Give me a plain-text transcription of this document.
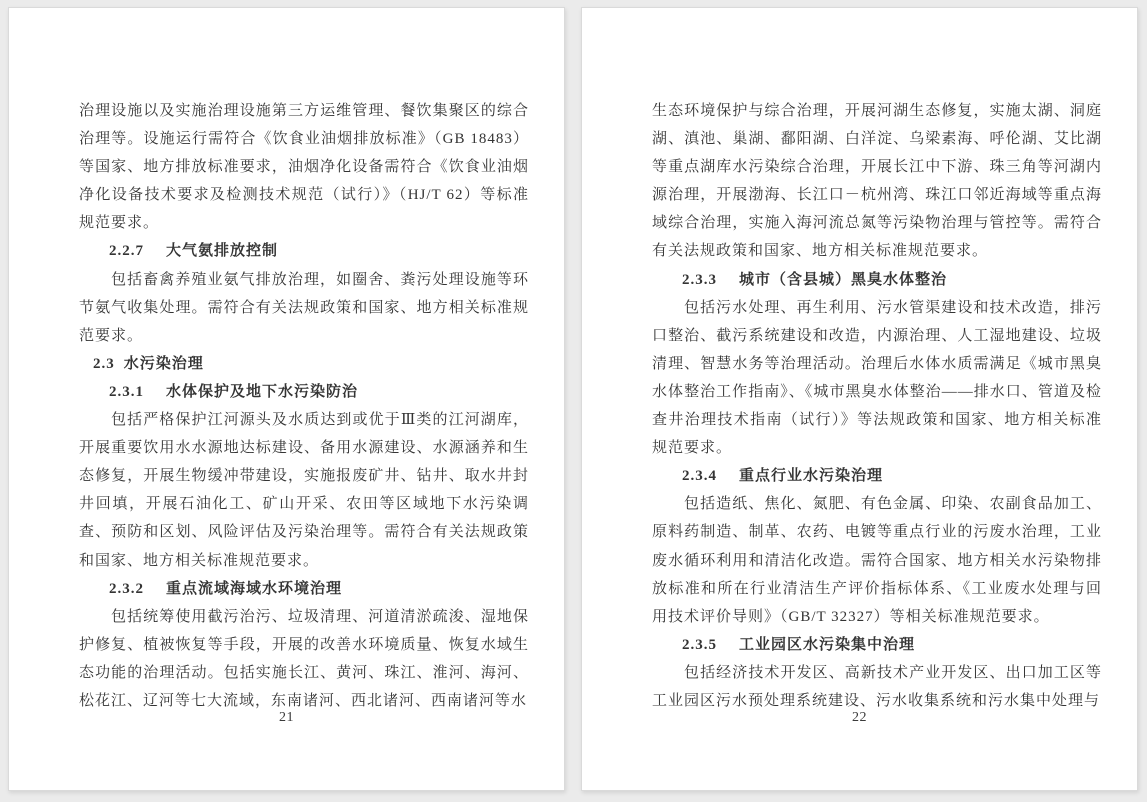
治理设施以及实施治理设施第三方运维管理、餐饮集聚区的综合治理等。设施运行需符合《饮食业油烟排放标准》（GB 18483）等国家、地方排放标准要求，油烟净化设备需符合《饮食业油烟净化设备技术要求及检测技术规范（试行）》（HJ/T 62）等标准规范要求。

2.2.7 大气氨排放控制

包括畜禽养殖业氨气排放治理，如圈舍、粪污处理设施等环节氨气收集处理。需符合有关法规政策和国家、地方相关标准规范要求。

2.3 水污染治理
2.3.1 水体保护及地下水污染防治

包括严格保护江河源头及水质达到或优于Ⅲ类的江河湖库，开展重要饮用水水源地达标建设、备用水源建设、水源涵养和生态修复，开展生物缓冲带建设，实施报废矿井、钻井、取水井封井回填，开展石油化工、矿山开采、农田等区域地下水污染调查、预防和区划、风险评估及污染治理等。需符合有关法规政策和国家、地方相关标准规范要求。

2.3.2 重点流域海域水环境治理

包括统筹使用截污治污、垃圾清理、河道清淤疏浚、湿地保护修复、植被恢复等手段，开展的改善水环境质量、恢复水域生态功能的治理活动。包括实施长江、黄河、珠江、淮河、海河、松花江、辽河等七大流域，东南诸河、西北诸河、西南诸河等水

21

生态环境保护与综合治理，开展河湖生态修复，实施太湖、洞庭湖、滇池、巢湖、鄱阳湖、白洋淀、乌梁素海、呼伦湖、艾比湖等重点湖库水污染综合治理，开展长江中下游、珠三角等河湖内源治理，开展渤海、长江口－杭州湾、珠江口邻近海域等重点海域综合治理，实施入海河流总氮等污染物治理与管控等。需符合有关法规政策和国家、地方相关标准规范要求。

2.3.3 城市（含县城）黑臭水体整治

包括污水处理、再生利用、污水管渠建设和技术改造，排污口整治、截污系统建设和改造，内源治理、人工湿地建设、垃圾清理、智慧水务等治理活动。治理后水体水质需满足《城市黑臭水体整治工作指南》、《城市黑臭水体整治——排水口、管道及检查井治理技术指南（试行）》等法规政策和国家、地方相关标准规范要求。

2.3.4 重点行业水污染治理

包括造纸、焦化、氮肥、有色金属、印染、农副食品加工、原料药制造、制革、农药、电镀等重点行业的污废水治理，工业废水循环利用和清洁化改造。需符合国家、地方相关水污染物排放标准和所在行业清洁生产评价指标体系、《工业废水处理与回用技术评价导则》（GB/T 32327）等相关标准规范要求。

2.3.5 工业园区水污染集中治理

包括经济技术开发区、高新技术产业开发区、出口加工区等工业园区污水预处理系统建设、污水收集系统和污水集中处理与

22
